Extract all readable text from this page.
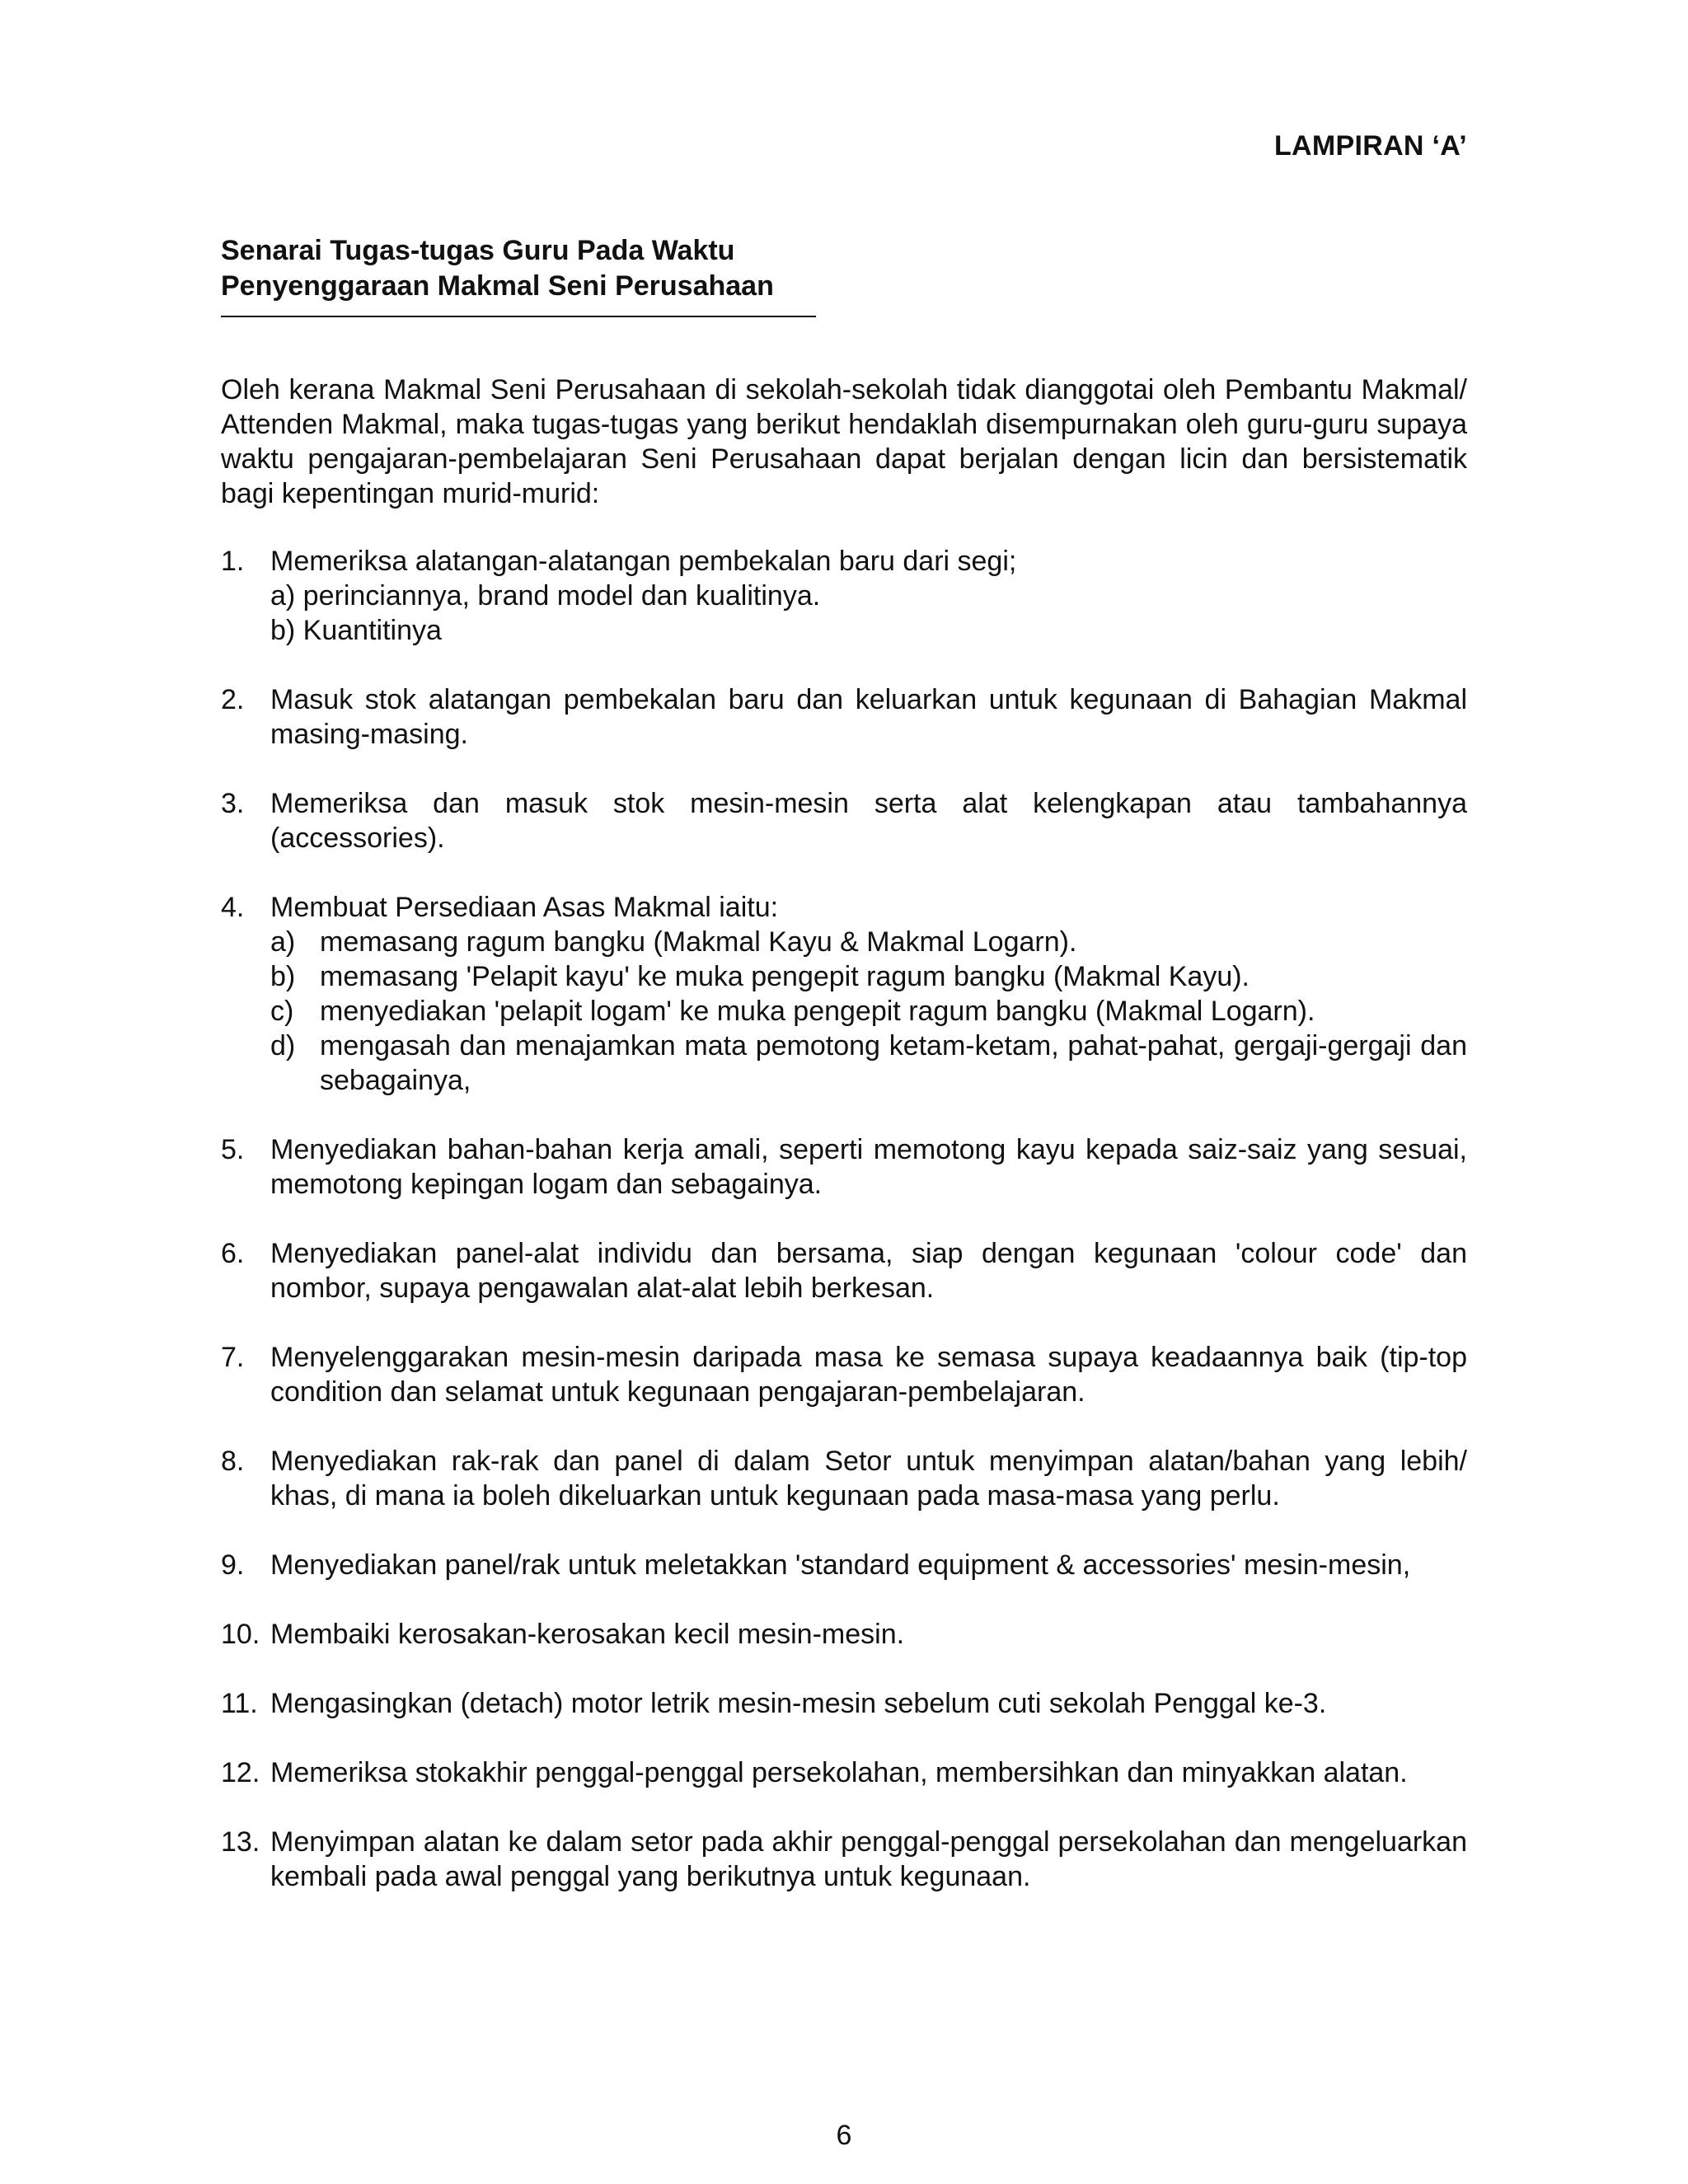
LAMPIRAN ‘A’
Senarai Tugas-tugas Guru Pada Waktu
Penyenggaraan Makmal Seni Perusahaan

Oleh kerana Makmal Seni Perusahaan di sekolah-sekolah tidak dianggotai oleh Pembantu Makmal/ Attenden Makmal, maka tugas-tugas yang berikut hendaklah disempurnakan oleh guru-guru supaya waktu pengajaran-pembelajaran Seni Perusahaan dapat berjalan dengan licin dan bersistematik bagi kepentingan murid-murid:

1. Memeriksa alatangan-alatangan pembekalan baru dari segi;
a) perinciannya, brand model dan kualitinya.
b) Kuantitinya
2. Masuk stok alatangan pembekalan baru dan keluarkan untuk kegunaan di Bahagian Makmal masing-masing.
3. Memeriksa dan masuk stok mesin-mesin serta alat kelengkapan atau tambahannya (accessories).
4. Membuat Persediaan Asas Makmal iaitu:
a) memasang ragum bangku (Makmal Kayu & Makmal Logarn).
b) memasang 'Pelapit kayu' ke muka pengepit ragum bangku (Makmal Kayu).
c) menyediakan 'pelapit logam' ke muka pengepit ragum bangku (Makmal Logarn).
d) mengasah dan menajamkan mata pemotong ketam-ketam, pahat-pahat, gergaji-gergaji dan sebagainya,
5. Menyediakan bahan-bahan kerja amali, seperti memotong kayu kepada saiz-saiz yang sesuai, memotong kepingan logam dan sebagainya.
6. Menyediakan panel-alat individu dan bersama, siap dengan kegunaan 'colour code' dan nombor, supaya pengawalan alat-alat lebih berkesan.
7. Menyelenggarakan mesin-mesin daripada masa ke semasa supaya keadaannya baik (tip-top condition dan selamat untuk kegunaan pengajaran-pembelajaran.
8. Menyediakan rak-rak dan panel di dalam Setor untuk menyimpan alatan/bahan yang lebih/ khas, di mana ia boleh dikeluarkan untuk kegunaan pada masa-masa yang perlu.
9. Menyediakan panel/rak untuk meletakkan 'standard equipment & accessories' mesin-mesin,
10. Membaiki kerosakan-kerosakan kecil mesin-mesin.
11. Mengasingkan (detach) motor letrik mesin-mesin sebelum cuti sekolah Penggal ke-3.
12. Memeriksa stokakhir penggal-penggal persekolahan, membersihkan dan minyakkan alatan.
13. Menyimpan alatan ke dalam setor pada akhir penggal-penggal persekolahan dan mengeluarkan kembali pada awal penggal yang berikutnya untuk kegunaan.
6
